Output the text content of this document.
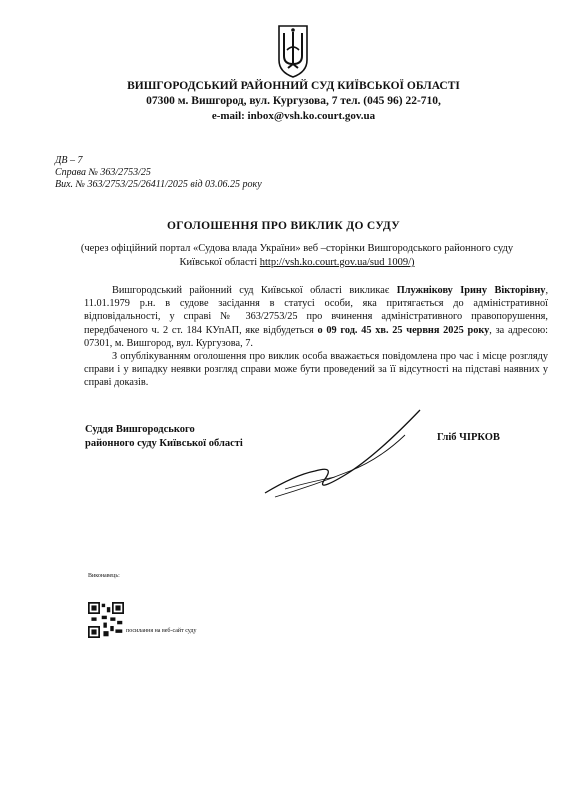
ВИШГОРОДСЬКИЙ РАЙОННИЙ СУД КИЇВСЬКОЇ ОБЛАСТІ
07300 м. Вишгород, вул. Кургузова, 7 тел. (045 96) 22-710,
e-mail: inbox@vsh.ko.court.gov.ua
ДВ – 7
Справа № 363/2753/25
Вих. № 363/2753/25/26411/2025 від 03.06.25 року
ОГОЛОШЕННЯ ПРО ВИКЛИК ДО СУДУ
(через офіційний портал «Судова влада України» веб –сторінки Вишгородського районного суду Київської області http://vsh.ko.court.gov.ua/sud 1009/)

Вишгородський районний суд Київської області викликає Плужнікову Ірину Вікторівну, 11.01.1979 р.н. в судове засідання в статусі особи, яка притягається до адміністративної відповідальності, у справі № 363/2753/25 про вчинення адміністративного правопорушення, передбаченого ч. 2 ст. 184 КУпАП, яке відбудеться о 09 год. 45 хв. 25 червня 2025 року, за адресою: 07301, м. Вишгород, вул. Кургузова, 7.

З опублікуванням оголошення про виклик особа вважається повідомлена про час і місце розгляду справи і у випадку неявки розгляд справи може бути проведений за її відсутності на підставі наявних у справі доказів.

Суддя Вишгородського
районного суду Київської області
Гліб ЧІРКОВ
Виконавець:
посилання на веб-сайт суду
